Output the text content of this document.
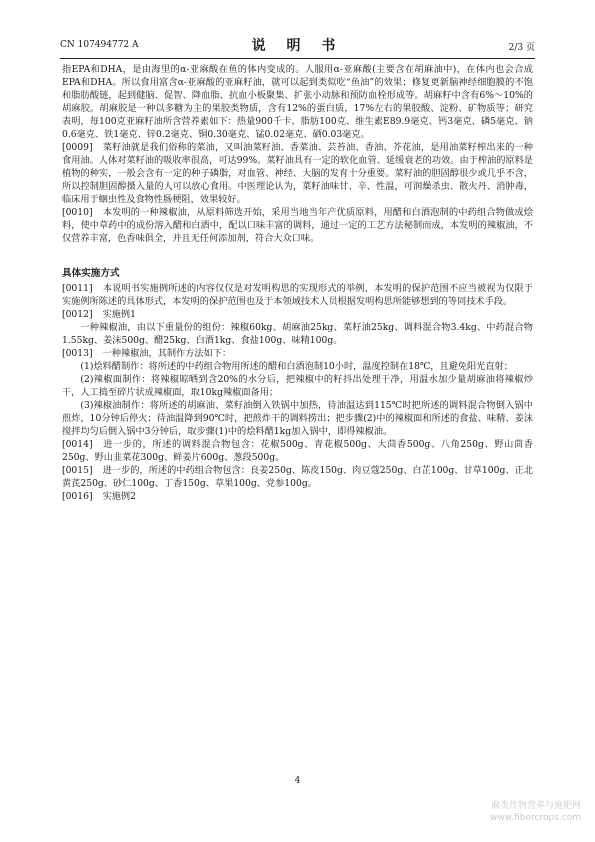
CN 107494772 A	说 明 书	2/3 页

指EPA和DHA，是由海里的α-亚麻酸在鱼的体内变成的。人服用α-亚麻酸(主要含在胡麻油中)，在体内也会合成EPA和DHA。所以食用富含α-亚麻酸的亚麻籽油，就可以起到类似吃“鱼油”的效果；修复更新脑神经细胞膜的不饱和脂肪酸链，起到健脑、促智、降血脂、抗血小板聚集、扩张小动脉和预防血栓形成等。胡麻籽中含有6%～10%的胡麻胶。胡麻胶是一种以多糖为主的果胶类物质，含有12%的蛋白质，17%左右的果胶酸、淀粉、矿物质等；研究表明，每100克亚麻籽油所含营养素如下：热量900千卡、脂肪100克、维生素E89.9毫克、钙3毫克、磷5毫克、钠0.6毫克、铁1毫克、锌0.2毫克、铜0.30毫克、锰0.02毫克、硒0.03毫克。

[0009] 菜籽油就是我们俗称的菜油，又叫油菜籽油、香菜油、芸苔油、香油、芥花油，是用油菜籽榨出来的一种食用油。人体对菜籽油的吸收率很高，可达99%。菜籽油具有一定的软化血管、延缓衰老的功效。由于榨油的原料是植物的种实，一般会含有一定的种子磷脂，对血管、神经、大脑的发育十分重要。菜籽油的胆固醇很少或几乎不含，所以控制胆固醇摄入量的人可以放心食用。中医理论认为，菜籽油味甘、辛、性温，可润燥杀虫、散火丹、消肿毒，临床用于蛔虫性及食物性肠梗阻，效果较好。

[0010] 本发明的一种辣椒油，从原料筛选开始，采用当地当年产优质原料，用醋和白酒泡制的中药组合物做成烩料，使中草药中的成份溶入醋和白酒中，配以口味丰富的调料，通过一定的工艺方法秘制而成，本发明的辣椒油，不仅营养丰富，色香味俱全，并且无任何添加剂，符合大众口味。

具体实施方式

[0011] 本说明书实施例所述的内容仅仅是对发明构思的实现形式的举例，本发明的保护范围不应当被视为仅限于实施例所陈述的具体形式，本发明的保护范围也及于本领域技术人员根据发明构思所能够想到的等同技术手段。

[0012] 实施例1

一种辣椒油，由以下重量份的组份：辣椒60kg、胡麻油25kg、菜籽油25kg、调料混合物3.4kg、中药混合物1.55kg、姜沫500g、醋25kg、白酒1kg、食盐100g、味精100g。

[0013] 一种辣椒油，其制作方法如下：

(1)烩料醋制作：将所述的中药组合物用所述的醋和白酒泡制10小时，温度控制在18℃，且避免阳光直射；

(2)辣椒面制作：将辣椒晾晒到含20%的水分后，把辣椒中的籽抖出处理干净，用温水加少量胡麻油将辣椒炒干，人工捣至碎片状成辣椒面，取10kg辣椒面备用；

(3)辣椒油制作：将所述的胡麻油、菜籽油倒入铁锅中加热，待油温达到115℃时把所述的调料混合物倒入锅中煎炸，10分钟后停火；待油温降到90℃时，把煎炸干的调料捞出；把步骤(2)中的辣椒面和所述的食盐、味精、姜沫搅拌均匀后倒入锅中3分钟后，取步骤(1)中的烩料醋1kg加入锅中，即得辣椒油。

[0014] 进一步的，所述的调料混合物包含：花椒500g、青花椒500g、大茴香500g、八角250g、野山茴香250g、野山韭菜花300g、鲜姜片600g、葱段500g。

[0015] 进一步的，所述的中药组合物包含：良姜250g、陈皮150g、肉豆蔻250g、白芷100g、甘草100g、正北黄芪250g、砂仁100g、丁香150g、草果100g、党参100g。

[0016] 实施例2

4
麻类作物营养与施肥网
www.fibercrops.com
